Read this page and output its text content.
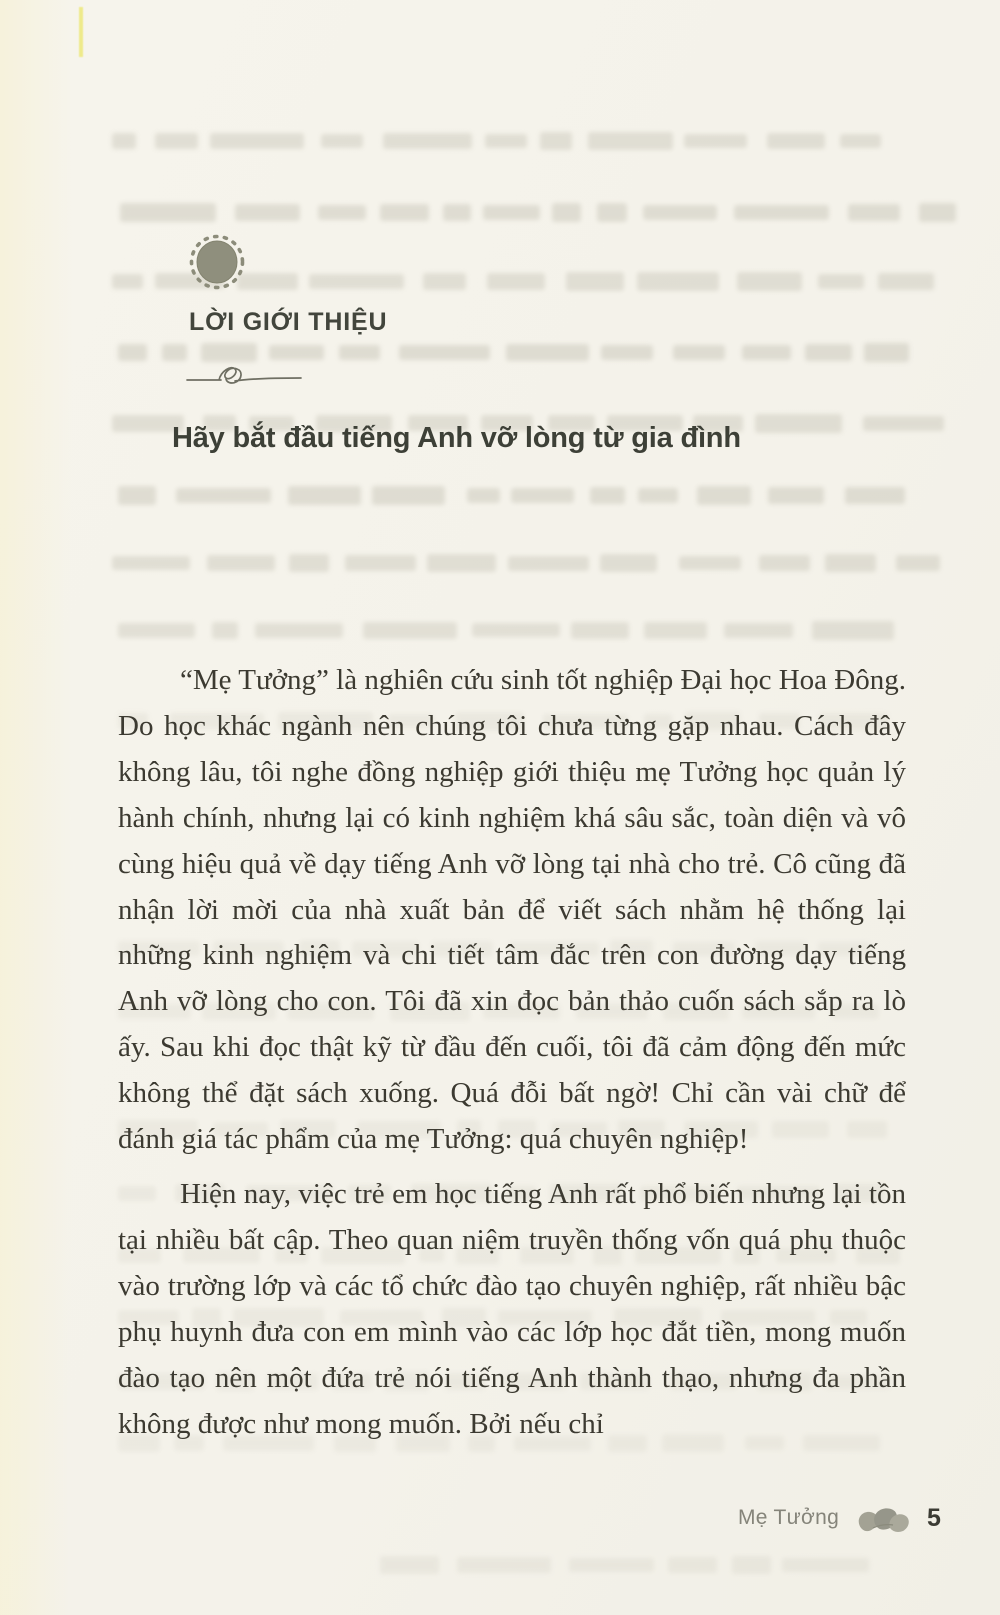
LỜI GIỚI THIỆU
Hãy bắt đầu tiếng Anh vỡ lòng từ gia đình

“Mẹ Tưởng” là nghiên cứu sinh tốt nghiệp Đại học Hoa Đông. Do học khác ngành nên chúng tôi chưa từng gặp nhau. Cách đây không lâu, tôi nghe đồng nghiệp giới thiệu mẹ Tưởng học quản lý hành chính, nhưng lại có kinh nghiệm khá sâu sắc, toàn diện và vô cùng hiệu quả về dạy tiếng Anh vỡ lòng tại nhà cho trẻ. Cô cũng đã nhận lời mời của nhà xuất bản để viết sách nhằm hệ thống lại những kinh nghiệm và chi tiết tâm đắc trên con đường dạy tiếng Anh vỡ lòng cho con. Tôi đã xin đọc bản thảo cuốn sách sắp ra lò ấy. Sau khi đọc thật kỹ từ đầu đến cuối, tôi đã cảm động đến mức không thể đặt sách xuống. Quá đỗi bất ngờ! Chỉ cần vài chữ để đánh giá tác phẩm của mẹ Tưởng: quá chuyên nghiệp!

Hiện nay, việc trẻ em học tiếng Anh rất phổ biến nhưng lại tồn tại nhiều bất cập. Theo quan niệm truyền thống vốn quá phụ thuộc vào trường lớp và các tổ chức đào tạo chuyên nghiệp, rất nhiều bậc phụ huynh đưa con em mình vào các lớp học đắt tiền, mong muốn đào tạo nên một đứa trẻ nói tiếng Anh thành thạo, nhưng đa phần không được như mong muốn. Bởi nếu chỉ

Mẹ Tưởng	5
